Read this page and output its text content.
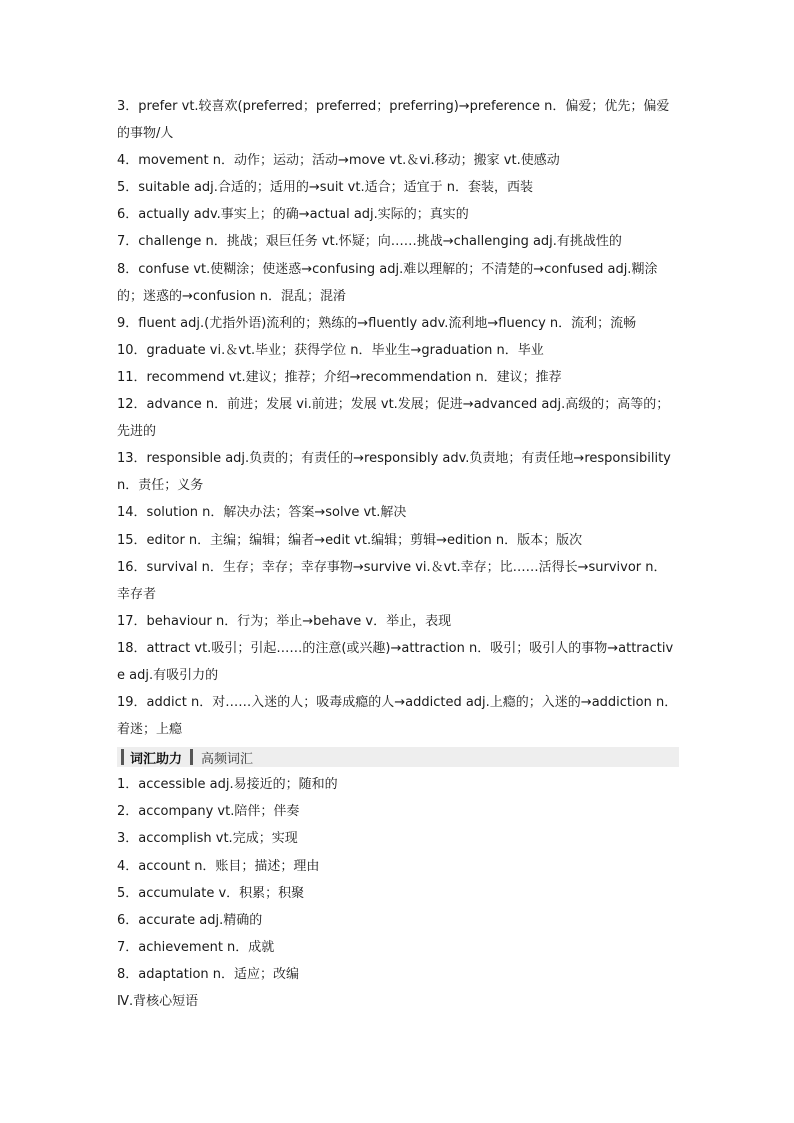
3．prefer vt.较喜欢(preferred；preferred；preferring)→preference n．偏爱；优先；偏爱的事物/人

4．movement n．动作；运动；活动→move vt.＆vi.移动；搬家 vt.使感动

5．suitable adj.合适的；适用的→suit vt.适合；适宜于 n．套装，西装

6．actually adv.事实上；的确→actual adj.实际的；真实的

7．challenge n．挑战；艰巨任务 vt.怀疑；向……挑战→challenging adj.有挑战性的

8．confuse vt.使糊涂；使迷惑→confusing adj.难以理解的；不清楚的→confused adj.糊涂的；迷惑的→confusion n．混乱；混淆

9．fluent adj.(尤指外语)流利的；熟练的→fluently adv.流利地→fluency n．流利；流畅

10．graduate vi.＆vt.毕业；获得学位 n．毕业生→graduation n．毕业

11．recommend vt.建议；推荐；介绍→recommendation n．建议；推荐

12．advance n．前进；发展 vi.前进；发展 vt.发展；促进→advanced adj.高级的；高等的；先进的

13．responsible adj.负责的；有责任的→responsibly adv.负责地；有责任地→responsibility n．责任；义务

14．solution n．解决办法；答案→solve vt.解决

15．editor n．主编；编辑；编者→edit vt.编辑；剪辑→edition n．版本；版次

16．survival n．生存；幸存；幸存事物→survive vi.＆vt.幸存；比……活得长→survivor n．幸存者

17．behaviour n．行为；举止→behave v．举止，表现

18．attract vt.吸引；引起……的注意(或兴趣)→attraction n．吸引；吸引人的事物→attractive adj.有吸引力的

19．addict n．对……入迷的人；吸毒成瘾的人→addicted adj.上瘾的；入迷的→addiction n．着迷；上瘾

词汇助力 高频词汇

1．accessible adj.易接近的；随和的

2．accompany vt.陪伴；伴奏

3．accomplish vt.完成；实现

4．account n．账目；描述；理由

5．accumulate v．积累；积聚

6．accurate adj.精确的

7．achievement n．成就

8．adaptation n．适应；改编

Ⅳ.背核心短语
